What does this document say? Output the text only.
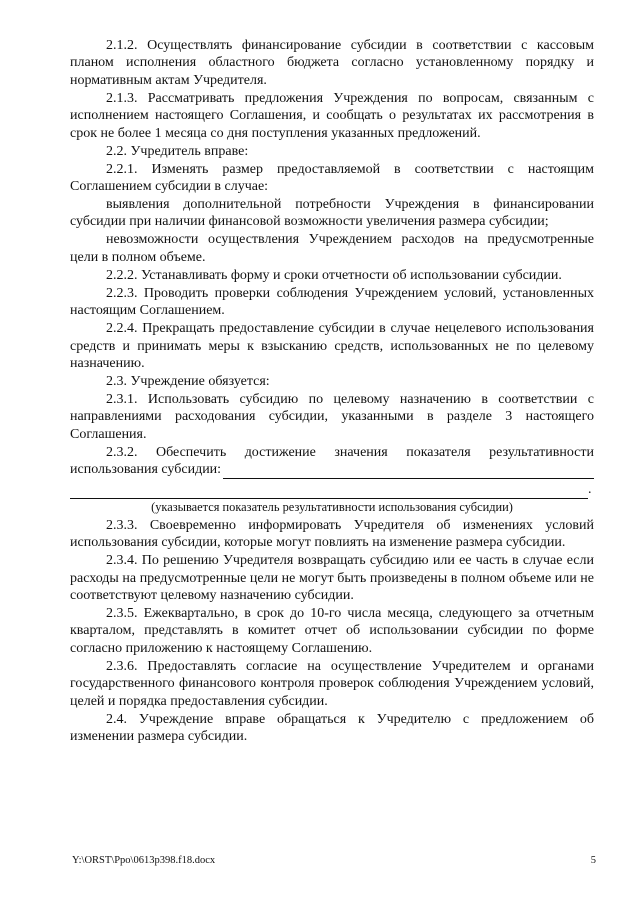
2.1.2. Осуществлять финансирование субсидии в соответствии с кассовым планом исполнения областного бюджета согласно установленному порядку и нормативным актам Учредителя.

2.1.3. Рассматривать предложения Учреждения по вопросам, связанным с исполнением настоящего Соглашения, и сообщать о результатах их рассмотрения в срок не более 1 месяца со дня поступления указанных предложений.

2.2. Учредитель вправе:

2.2.1. Изменять размер предоставляемой в соответствии с настоящим Соглашением субсидии в случае:

выявления дополнительной потребности Учреждения в финансировании субсидии при наличии финансовой возможности увеличения размера субсидии;

невозможности осуществления Учреждением расходов на предусмотренные цели в полном объеме.

2.2.2. Устанавливать форму и сроки отчетности об использовании субсидии.

2.2.3. Проводить проверки соблюдения Учреждением условий, установленных настоящим Соглашением.

2.2.4. Прекращать предоставление субсидии в случае нецелевого использования средств и принимать меры к взысканию средств, использованных не по целевому назначению.

2.3. Учреждение обязуется:

2.3.1. Использовать субсидию по целевому назначению в соответствии с направлениями расходования субсидии, указанными в разделе 3 настоящего Соглашения.

2.3.2. Обеспечить достижение значения показателя результативности

использования субсидии:
.

(указывается показатель результативности использования субсидии)

2.3.3. Своевременно информировать Учредителя об изменениях условий использования субсидии, которые могут повлиять на изменение размера субсидии.

2.3.4. По решению Учредителя возвращать субсидию или ее часть в случае если расходы на предусмотренные цели не могут быть произведены в полном объеме или не соответствуют целевому назначению субсидии.

2.3.5. Ежеквартально, в срок до 10-го числа месяца, следующего за отчетным кварталом, представлять в комитет отчет об использовании субсидии по форме согласно приложению к настоящему Соглашению.

2.3.6. Предоставлять согласие на осуществление Учредителем и органами государственного финансового контроля проверок соблюдения Учреждением условий, целей и порядка предоставления субсидии.

2.4. Учреждение вправе обращаться к Учредителю с предложением об изменении размера субсидии.

Y:\ORST\Ppo\0613p398.f18.docx	5
